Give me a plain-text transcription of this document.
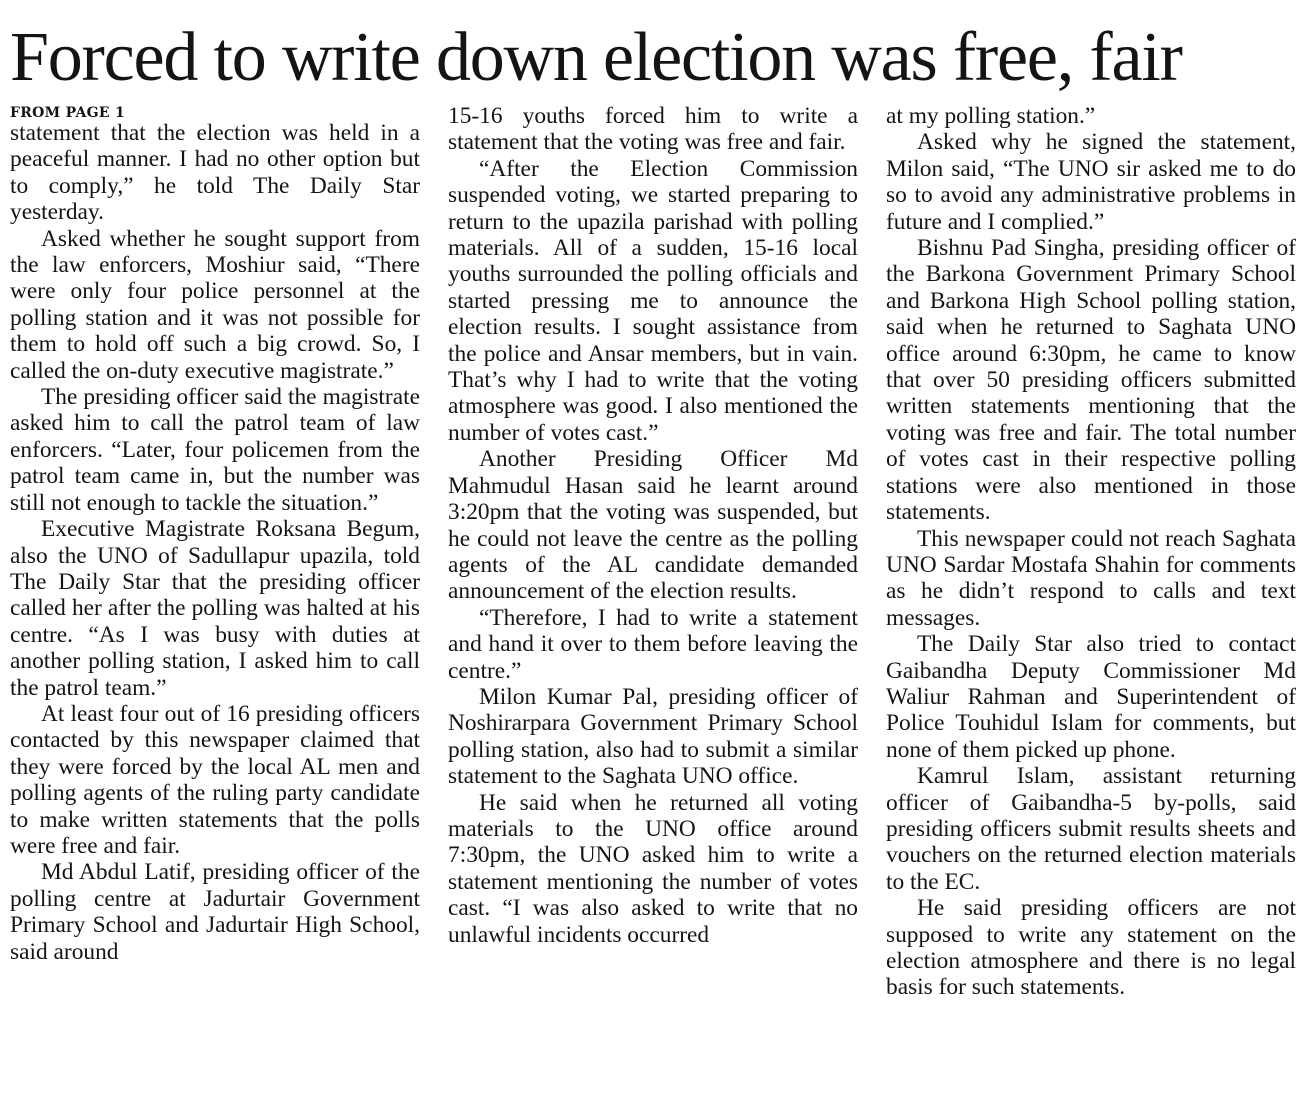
Forced to write down election was free, fair
FROM PAGE 1

statement that the election was held in a peaceful manner. I had no other option but to comply,” he told The Daily Star yesterday.

Asked whether he sought support from the law enforcers, Moshiur said, “There were only four police personnel at the polling station and it was not possible for them to hold off such a big crowd. So, I called the on-duty executive magistrate.”

The presiding officer said the magistrate asked him to call the patrol team of law enforcers. “Later, four policemen from the patrol team came in, but the number was still not enough to tackle the situation.”

Executive Magistrate Roksana Begum, also the UNO of Sadullapur upazila, told The Daily Star that the presiding officer called her after the polling was halted at his centre. “As I was busy with duties at another polling station, I asked him to call the patrol team.”

At least four out of 16 presiding officers contacted by this newspaper claimed that they were forced by the local AL men and polling agents of the ruling party candidate to make written statements that the polls were free and fair.

Md Abdul Latif, presiding officer of the polling centre at Jadurtair Government Primary School and Jadurtair High School, said around

15-16 youths forced him to write a statement that the voting was free and fair.

“After the Election Commission suspended voting, we started preparing to return to the upazila parishad with polling materials. All of a sudden, 15-16 local youths surrounded the polling officials and started pressing me to announce the election results. I sought assistance from the police and Ansar members, but in vain. That’s why I had to write that the voting atmosphere was good. I also mentioned the number of votes cast.”

Another Presiding Officer Md Mahmudul Hasan said he learnt around 3:20pm that the voting was suspended, but he could not leave the centre as the polling agents of the AL candidate demanded announcement of the election results.

“Therefore, I had to write a statement and hand it over to them before leaving the centre.”

Milon Kumar Pal, presiding officer of Noshirarpara Government Primary School polling station, also had to submit a similar statement to the Saghata UNO office.

He said when he returned all voting materials to the UNO office around 7:30pm, the UNO asked him to write a statement mentioning the number of votes cast. “I was also asked to write that no unlawful incidents occurred

at my polling station.”

Asked why he signed the statement, Milon said, “The UNO sir asked me to do so to avoid any administrative problems in future and I complied.”

Bishnu Pad Singha, presiding officer of the Barkona Government Primary School and Barkona High School polling station, said when he returned to Saghata UNO office around 6:30pm, he came to know that over 50 presiding officers submitted written statements mentioning that the voting was free and fair. The total number of votes cast in their respective polling stations were also mentioned in those statements.

This newspaper could not reach Saghata UNO Sardar Mostafa Shahin for comments as he didn’t respond to calls and text messages.

The Daily Star also tried to contact Gaibandha Deputy Commissioner Md Waliur Rahman and Superintendent of Police Touhidul Islam for comments, but none of them picked up phone.

Kamrul Islam, assistant returning officer of Gaibandha-5 by-polls, said presiding officers submit results sheets and vouchers on the returned election materials to the EC.

He said presiding officers are not supposed to write any statement on the election atmosphere and there is no legal basis for such statements.
